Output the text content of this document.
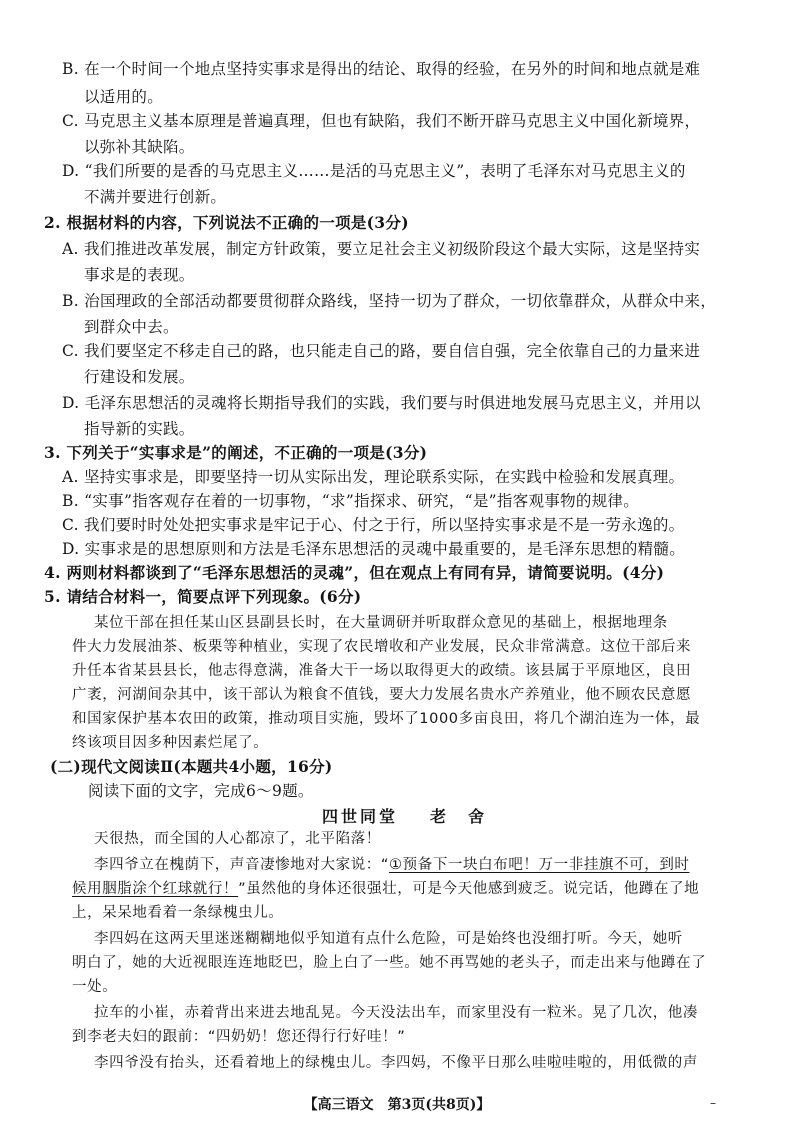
B. 在一个时间一个地点坚持实事求是得出的结论、取得的经验，在另外的时间和地点就是难
以适用的。
C. 马克思主义基本原理是普遍真理，但也有缺陷，我们不断开辟马克思主义中国化新境界，
以弥补其缺陷。
D. “我们所要的是香的马克思主义……是活的马克思主义”，表明了毛泽东对马克思主义的
不满并要进行创新。
2. 根据材料的内容，下列说法不正确的一项是(3分)
A. 我们推进改革发展，制定方针政策，要立足社会主义初级阶段这个最大实际，这是坚持实
事求是的表现。
B. 治国理政的全部活动都要贯彻群众路线，坚持一切为了群众，一切依靠群众，从群众中来，
到群众中去。
C. 我们要坚定不移走自己的路，也只能走自己的路，要自信自强，完全依靠自己的力量来进
行建设和发展。
D. 毛泽东思想活的灵魂将长期指导我们的实践，我们要与时俱进地发展马克思主义，并用以
指导新的实践。
3. 下列关于“实事求是”的阐述，不正确的一项是(3分)
A. 坚持实事求是，即要坚持一切从实际出发，理论联系实际，在实践中检验和发展真理。
B. “实事”指客观存在着的一切事物，“求”指探求、研究，“是”指客观事物的规律。
C. 我们要时时处处把实事求是牢记于心、付之于行，所以坚持实事求是不是一劳永逸的。
D. 实事求是的思想原则和方法是毛泽东思想活的灵魂中最重要的，是毛泽东思想的精髓。
4. 两则材料都谈到了“毛泽东思想活的灵魂”，但在观点上有同有异，请简要说明。(4分)
5. 请结合材料一，简要点评下列现象。(6分)
某位干部在担任某山区县副县长时，在大量调研并听取群众意见的基础上，根据地理条
件大力发展油茶、板栗等种植业，实现了农民增收和产业发展，民众非常满意。这位干部后来
升任本省某县县长，他志得意满，准备大干一场以取得更大的政绩。该县属于平原地区，良田
广袤，河湖间杂其中，该干部认为粮食不值钱，要大力发展名贵水产养殖业，他不顾农民意愿
和国家保护基本农田的政策，推动项目实施，毁坏了1000多亩良田，将几个湖泊连为一体，最
终该项目因多种因素烂尾了。
(二)现代文阅读Ⅱ(本题共4小题，16分)
阅读下面的文字，完成6～9题。
四世同堂 老　舍
天很热，而全国的人心都凉了，北平陷落！
李四爷立在槐荫下，声音凄惨地对大家说：“①预备下一块白布吧！万一非挂旗不可，到时
候用胭脂涂个红球就行！”虽然他的身体还很强壮，可是今天他感到疲乏。说完话，他蹲在了地
上，呆呆地看着一条绿槐虫儿。
李四妈在这两天里迷迷糊糊地似乎知道有点什么危险，可是始终也没细打听。今天，她听
明白了，她的大近视眼连连地眨巴，脸上白了一些。她不再骂她的老头子，而走出来与他蹲在了
一处。
拉车的小崔，赤着背出来进去地乱晃。今天没法出车，而家里没有一粒米。晃了几次，他凑
到李老夫妇的跟前：“四奶奶！您还得行行好哇！”
李四爷没有抬头，还看着地上的绿槐虫儿。李四妈，不像平日那么哇啦哇啦的，用低微的声
【高三语文　第3页(共8页)】	–
